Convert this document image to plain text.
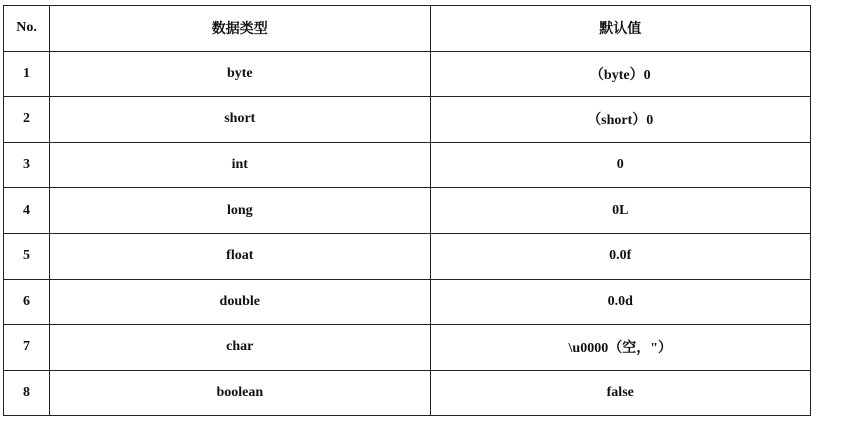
No.	数据类型	默认值
1	byte	（byte）0
2	short	（short）0
3	int	0
4	long	0L
5	float	0.0f
6	double	0.0d
7	char	\u0000（空，"）
8	boolean	false
